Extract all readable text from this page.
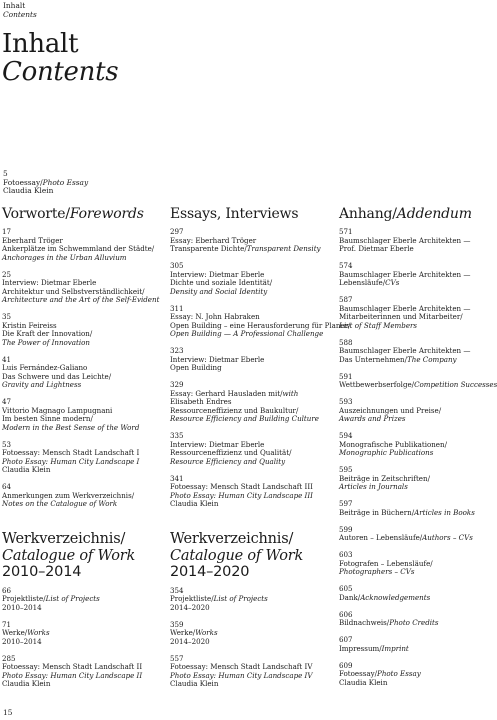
Inhalt
Contents
Inhalt
Contents
5
Fotoessay/Photo Essay
Claudia Klein
Vorworte/Forewords
17
Eberhard Tröger
Ankerplätze im Schwemmland der Städte/
Anchorages in the Urban Alluvium
25
Interview: Dietmar Eberle
Architektur und Selbstverständlichkeit/
Architecture and the Art of the Self-Evident
35
Kristin Feireiss
Die Kraft der Innovation/
The Power of Innovation
41
Luis Fernández-Galiano
Das Schwere und das Leichte/
Gravity and Lightness
47
Vittorio Magnago Lampugnani
Im besten Sinne modern/
Modern in the Best Sense of the Word
53
Fotoessay: Mensch Stadt Landschaft I
Photo Essay: Human City Landscape I
Claudia Klein
64
Anmerkungen zum Werkverzeichnis/
Notes on the Catalogue of Work
Werkverzeichnis/
Catalogue of Work
2010–2014
66
Projektliste/List of Projects
2010–2014
71
Werke/Works
2010–2014
285
Fotoessay: Mensch Stadt Landschaft II
Photo Essay: Human City Landscape II
Claudia Klein
Essays, Interviews
297
Essay: Eberhard Tröger
Transparente Dichte/Transparent Density
305
Interview: Dietmar Eberle
Dichte und soziale Identität/
Density and Social Identity
311
Essay: N. John Habraken
Open Building – eine Herausforderung für Planer/
Open Building — A Professional Challenge
323
Interview: Dietmar Eberle
Open Building
329
Essay: Gerhard Hausladen mit/with
Elisabeth Endres
Ressourceneffizienz und Baukultur/
Resource Efficiency and Building Culture
335
Interview: Dietmar Eberle
Ressourceneffizienz und Qualität/
Resource Efficiency and Quality
341
Fotoessay: Mensch Stadt Landschaft III
Photo Essay: Human City Landscape III
Claudia Klein
Werkverzeichnis/
Catalogue of Work
2014–2020
354
Projektliste/List of Projects
2014–2020
359
Werke/Works
2014–2020
557
Fotoessay: Mensch Stadt Landschaft IV
Photo Essay: Human City Landscape IV
Claudia Klein
Anhang/Addendum
571
Baumschlager Eberle Architekten —
Prof. Dietmar Eberle
574
Baumschlager Eberle Architekten —
Lebensläufe/CVs
587
Baumschlager Eberle Architekten —
Mitarbeiterinnen und Mitarbeiter/
List of Staff Members
588
Baumschlager Eberle Architekten —
Das Unternehmen/The Company
591
Wettbewerbserfolge/Competition Successes
593
Auszeichnungen und Preise/
Awards and Prizes
594
Monografische Publikationen/
Monographic Publications
595
Beiträge in Zeitschriften/
Articles in Journals
597
Beiträge in Büchern/Articles in Books
599
Autoren – Lebensläufe/Authors – CVs
603
Fotografen – Lebensläufe/
Photographers – CVs
605
Dank/Acknowledgements
606
Bildnachweis/Photo Credits
607
Impressum/Imprint
609
Fotoessay/Photo Essay
Claudia Klein
15
